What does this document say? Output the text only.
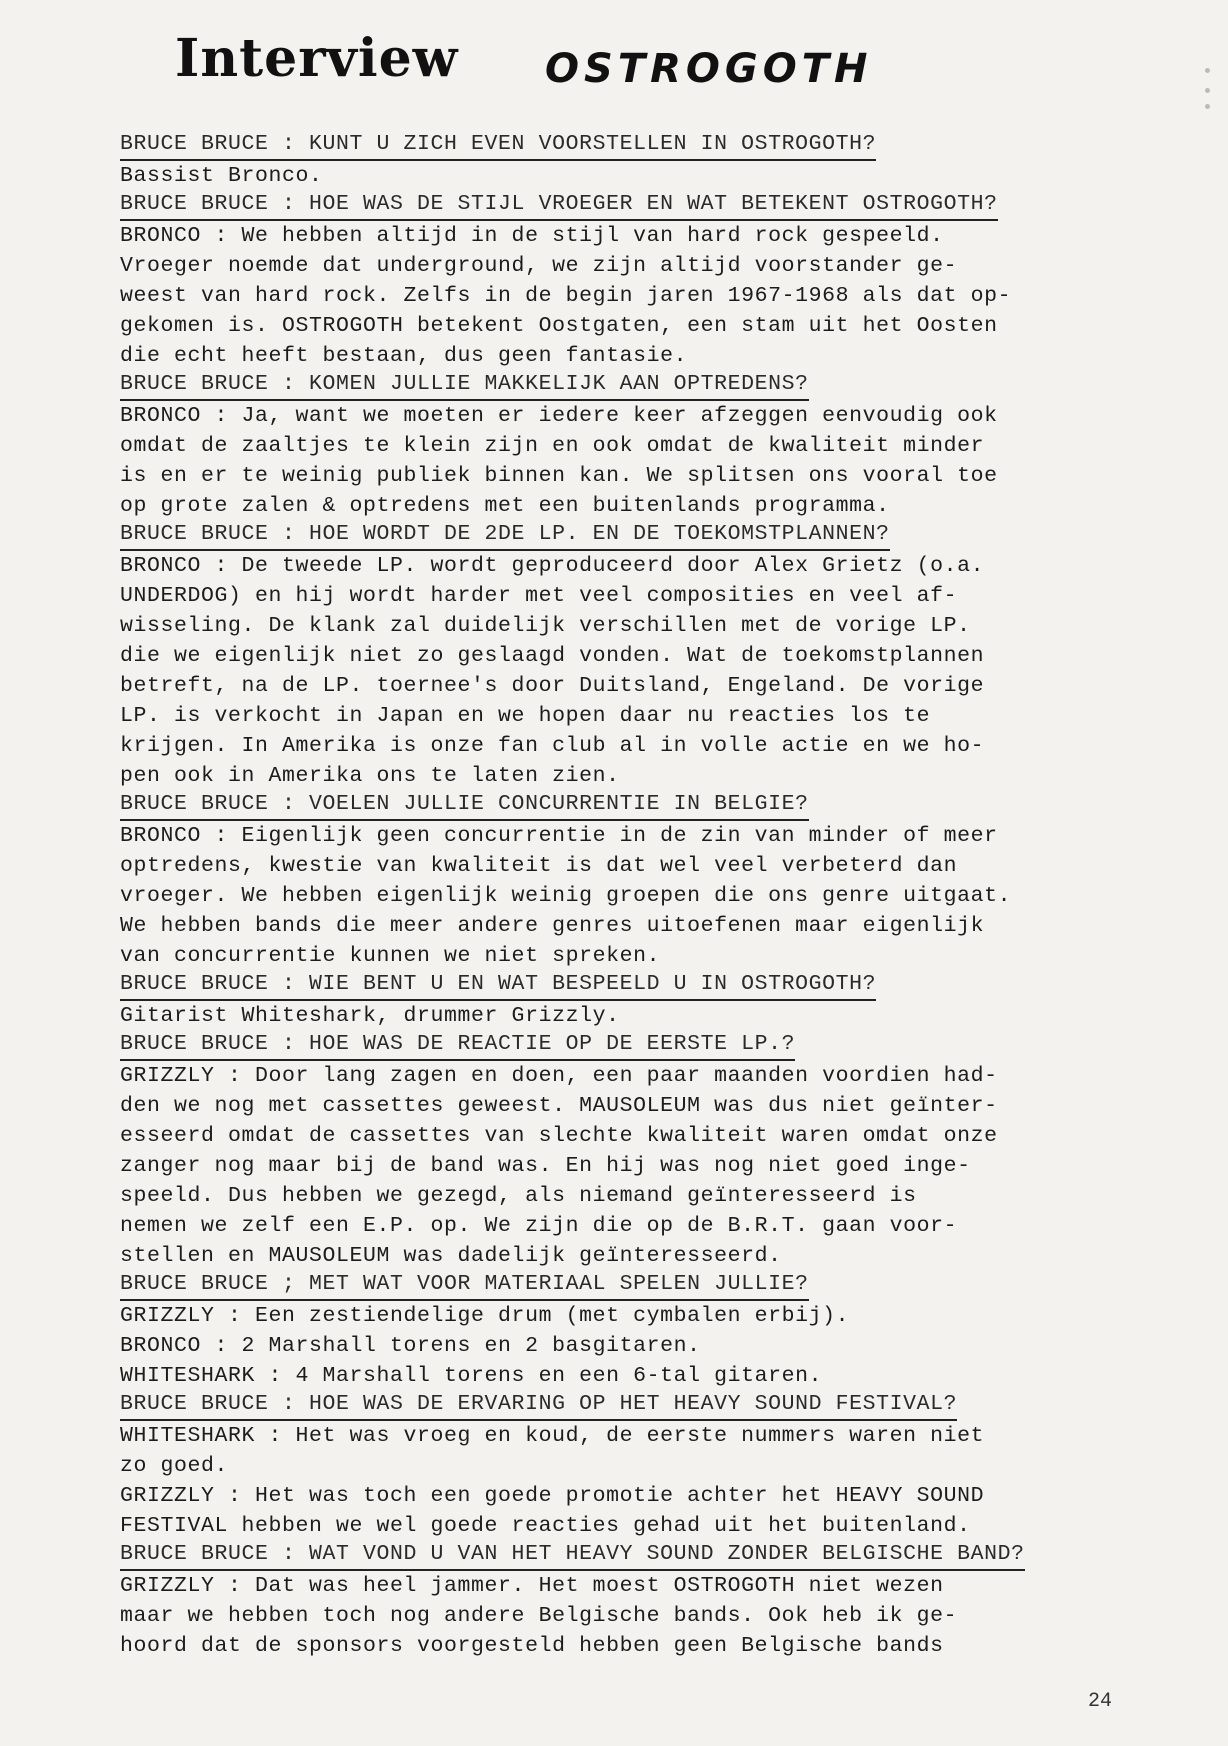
Interview OSTROGOTH
BRUCE BRUCE : KUNT U ZICH EVEN VOORSTELLEN IN OSTROGOTH?
Bassist Bronco.
BRUCE BRUCE : HOE WAS DE STIJL VROEGER EN WAT BETEKENT OSTROGOTH?
BRONCO : We hebben altijd in de stijl van hard rock gespeeld.
Vroeger noemde dat underground, we zijn altijd voorstander ge-
weest van hard rock. Zelfs in de begin jaren 1967-1968 als dat op-
gekomen is. OSTROGOTH betekent Oostgaten, een stam uit het Oosten
die echt heeft bestaan, dus geen fantasie.
BRUCE BRUCE : KOMEN JULLIE MAKKELIJK AAN OPTREDENS?
BRONCO : Ja, want we moeten er iedere keer afzeggen eenvoudig ook
omdat de zaaltjes te klein zijn en ook omdat de kwaliteit minder
is en er te weinig publiek binnen kan. We splitsen ons vooral toe
op grote zalen & optredens met een buitenlands programma.
BRUCE BRUCE : HOE WORDT DE 2DE LP. EN DE TOEKOMSTPLANNEN?
BRONCO : De tweede LP. wordt geproduceerd door Alex Grietz (o.a.
UNDERDOG) en hij wordt harder met veel composities en veel af-
wisseling. De klank zal duidelijk verschillen met de vorige LP.
die we eigenlijk niet zo geslaagd vonden. Wat de toekomstplannen
betreft, na de LP. toernee's door Duitsland, Engeland. De vorige
LP. is verkocht in Japan en we hopen daar nu reacties los te
krijgen. In Amerika is onze fan club al in volle actie en we ho-
pen ook in Amerika ons te laten zien.
BRUCE BRUCE : VOELEN JULLIE CONCURRENTIE IN BELGIE?
BRONCO : Eigenlijk geen concurrentie in de zin van minder of meer
optredens, kwestie van kwaliteit is dat wel veel verbeterd dan
vroeger. We hebben eigenlijk weinig groepen die ons genre uitgaat.
We hebben bands die meer andere genres uitoefenen maar eigenlijk
van concurrentie kunnen we niet spreken.
BRUCE BRUCE : WIE BENT U EN WAT BESPEELD U IN OSTROGOTH?
Gitarist Whiteshark, drummer Grizzly.
BRUCE BRUCE : HOE WAS DE REACTIE OP DE EERSTE LP.?
GRIZZLY : Door lang zagen en doen, een paar maanden voordien had-
den we nog met cassettes geweest. MAUSOLEUM was dus niet geïnter-
esseerd omdat de cassettes van slechte kwaliteit waren omdat onze
zanger nog maar bij de band was. En hij was nog niet goed inge-
speeld. Dus hebben we gezegd, als niemand geïnteresseerd is
nemen we zelf een E.P. op. We zijn die op de B.R.T. gaan voor-
stellen en MAUSOLEUM was dadelijk geïnteresseerd.
BRUCE BRUCE ; MET WAT VOOR MATERIAAL SPELEN JULLIE?
GRIZZLY : Een zestiendelige drum (met cymbalen erbij).
BRONCO : 2 Marshall torens en 2 basgitaren.
WHITESHARK : 4 Marshall torens en een 6-tal gitaren.
BRUCE BRUCE : HOE WAS DE ERVARING OP HET HEAVY SOUND FESTIVAL?
WHITESHARK : Het was vroeg en koud, de eerste nummers waren niet
zo goed.
GRIZZLY : Het was toch een goede promotie achter het HEAVY SOUND
FESTIVAL hebben we wel goede reacties gehad uit het buitenland.
BRUCE BRUCE : WAT VOND U VAN HET HEAVY SOUND ZONDER BELGISCHE BAND?
GRIZZLY : Dat was heel jammer. Het moest OSTROGOTH niet wezen
maar we hebben toch nog andere Belgische bands. Ook heb ik ge-
hoord dat de sponsors voorgesteld hebben geen Belgische bands
24
